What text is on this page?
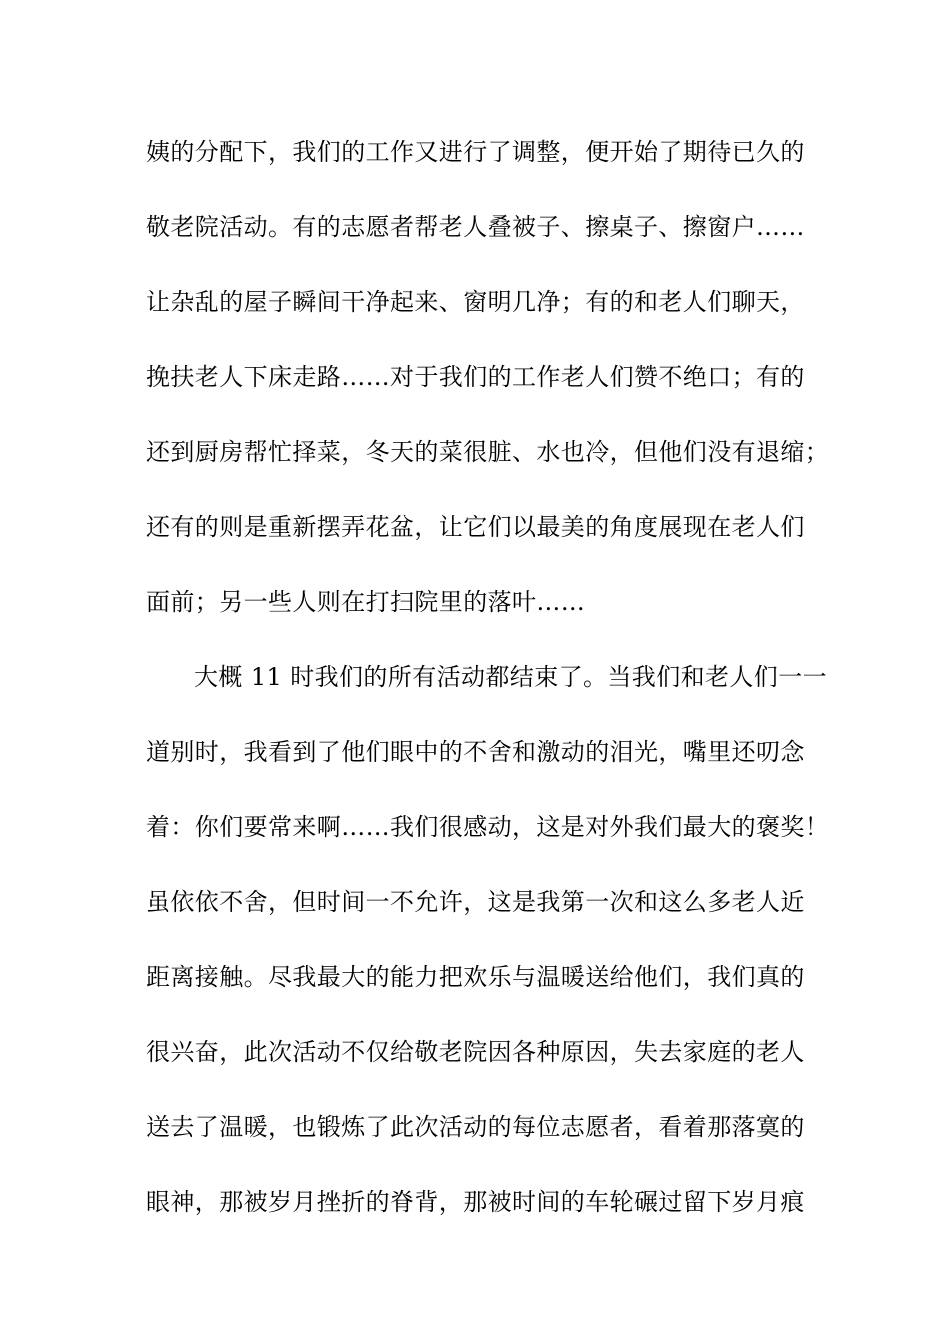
姨的分配下，我们的工作又进行了调整，便开始了期待已久的
敬老院活动。有的志愿者帮老人叠被子、擦桌子、擦窗户……
让杂乱的屋子瞬间干净起来、窗明几净；有的和老人们聊天，
挽扶老人下床走路……对于我们的工作老人们赞不绝口；有的
还到厨房帮忙择菜，冬天的菜很脏、水也冷，但他们没有退缩；
还有的则是重新摆弄花盆，让它们以最美的角度展现在老人们
面前；另一些人则在打扫院里的落叶……
大概 11 时我们的所有活动都结束了。当我们和老人们一一
道别时，我看到了他们眼中的不舍和激动的泪光，嘴里还叨念
着：你们要常来啊……我们很感动，这是对外我们最大的褒奖！
虽依依不舍，但时间一不允许，这是我第一次和这么多老人近
距离接触。尽我最大的能力把欢乐与温暖送给他们，我们真的
很兴奋，此次活动不仅给敬老院因各种原因，失去家庭的老人
送去了温暖，也锻炼了此次活动的每位志愿者，看着那落寞的
眼神，那被岁月挫折的脊背，那被时间的车轮碾过留下岁月痕
